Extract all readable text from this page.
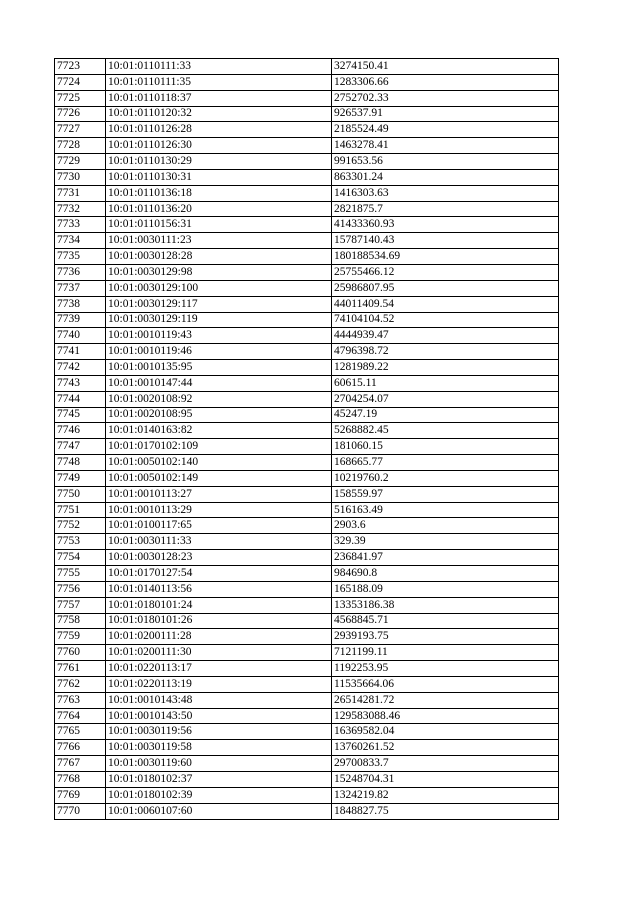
7723	10:01:0110111:33	3274150.41
7724	10:01:0110111:35	1283306.66
7725	10:01:0110118:37	2752702.33
7726	10:01:0110120:32	926537.91
7727	10:01:0110126:28	2185524.49
7728	10:01:0110126:30	1463278.41
7729	10:01:0110130:29	991653.56
7730	10:01:0110130:31	863301.24
7731	10:01:0110136:18	1416303.63
7732	10:01:0110136:20	2821875.7
7733	10:01:0110156:31	41433360.93
7734	10:01:0030111:23	15787140.43
7735	10:01:0030128:28	180188534.69
7736	10:01:0030129:98	25755466.12
7737	10:01:0030129:100	25986807.95
7738	10:01:0030129:117	44011409.54
7739	10:01:0030129:119	74104104.52
7740	10:01:0010119:43	4444939.47
7741	10:01:0010119:46	4796398.72
7742	10:01:0010135:95	1281989.22
7743	10:01:0010147:44	60615.11
7744	10:01:0020108:92	2704254.07
7745	10:01:0020108:95	45247.19
7746	10:01:0140163:82	5268882.45
7747	10:01:0170102:109	181060.15
7748	10:01:0050102:140	168665.77
7749	10:01:0050102:149	10219760.2
7750	10:01:0010113:27	158559.97
7751	10:01:0010113:29	516163.49
7752	10:01:0100117:65	2903.6
7753	10:01:0030111:33	329.39
7754	10:01:0030128:23	236841.97
7755	10:01:0170127:54	984690.8
7756	10:01:0140113:56	165188.09
7757	10:01:0180101:24	13353186.38
7758	10:01:0180101:26	4568845.71
7759	10:01:0200111:28	2939193.75
7760	10:01:0200111:30	7121199.11
7761	10:01:0220113:17	1192253.95
7762	10:01:0220113:19	11535664.06
7763	10:01:0010143:48	26514281.72
7764	10:01:0010143:50	129583088.46
7765	10:01:0030119:56	16369582.04
7766	10:01:0030119:58	13760261.52
7767	10:01:0030119:60	29700833.7
7768	10:01:0180102:37	15248704.31
7769	10:01:0180102:39	1324219.82
7770	10:01:0060107:60	1848827.75
